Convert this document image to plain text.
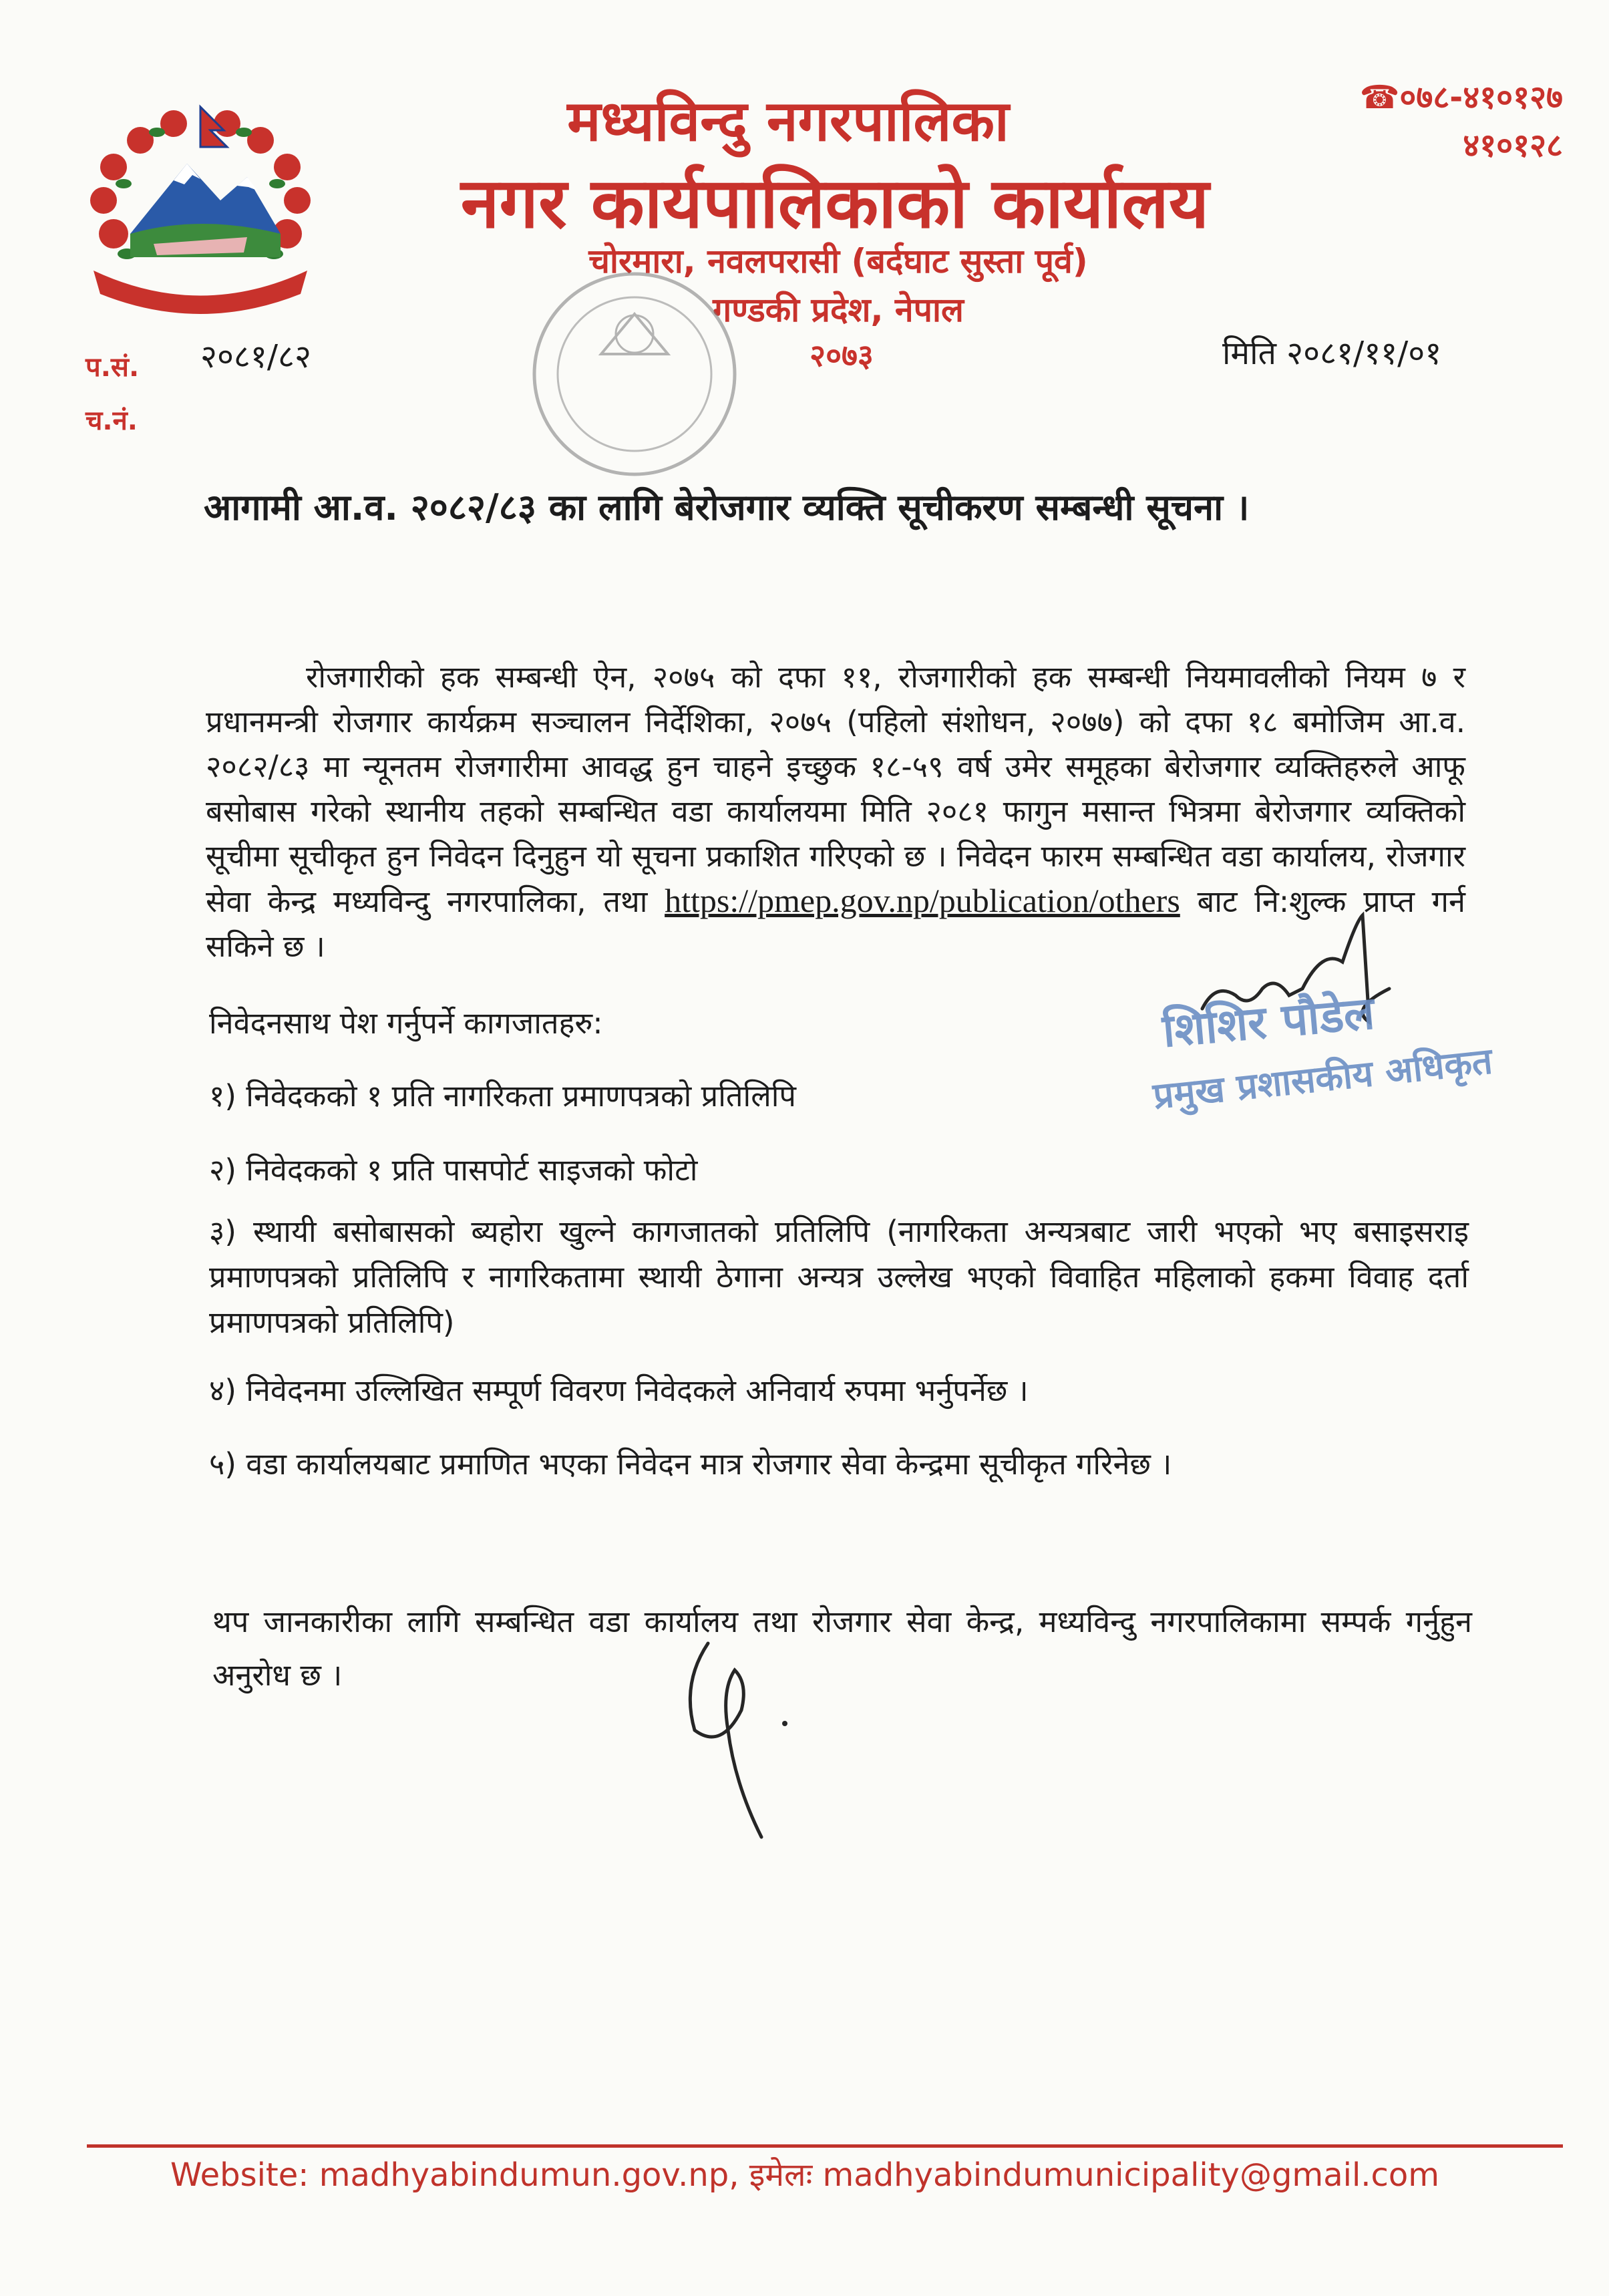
मध्यविन्दु नगरपालिका
नगर कार्यपालिकाको कार्यालय
चोरमारा, नवलपरासी (बर्दघाट सुस्ता पूर्व)
गण्डकी प्रदेश, नेपाल
२०७३
☎०७८-४१०१२७
४१०१२८
प.सं.
च.नं.
२०८१/८२	मिति २०८१/११/०१
आगामी आ.व. २०८२/८३ का लागि बेरोजगार व्यक्ति सूचीकरण सम्बन्धी सूचना ।
रोजगारीको हक सम्बन्धी ऐन, २०७५ को दफा ११, रोजगारीको हक सम्बन्धी नियमावलीको नियम ७ र प्रधानमन्त्री रोजगार कार्यक्रम सञ्चालन निर्देशिका, २०७५ (पहिलो संशोधन, २०७७) को दफा १८ बमोजिम आ.व. २०८२/८३ मा न्यूनतम रोजगारीमा आवद्ध हुन चाहने इच्छुक १८-५९ वर्ष उमेर समूहका बेरोजगार व्यक्तिहरुले आफू बसोबास गरेको स्थानीय तहको सम्बन्धित वडा कार्यालयमा मिति २०८१ फागुन मसान्त भित्रमा बेरोजगार व्यक्तिको सूचीमा सूचीकृत हुन निवेदन दिनुहुन यो सूचना प्रकाशित गरिएको छ । निवेदन फारम सम्बन्धित वडा कार्यालय, रोजगार सेवा केन्द्र मध्यविन्दु नगरपालिका, तथा https://pmep.gov.np/publication/others बाट नि:शुल्क प्राप्त गर्न सकिने छ ।
निवेदनसाथ पेश गर्नुपर्ने कागजातहरु:
१) निवेदकको १ प्रति नागरिकता प्रमाणपत्रको प्रतिलिपि
२) निवेदकको १ प्रति पासपोर्ट साइजको फोटो
३) स्थायी बसोबासको ब्यहोरा खुल्ने कागजातको प्रतिलिपि (नागरिकता अन्यत्रबाट जारी भएको भए बसाइसराइ प्रमाणपत्रको प्रतिलिपि र नागरिकतामा स्थायी ठेगाना अन्यत्र उल्लेख भएको विवाहित महिलाको हकमा विवाह दर्ता प्रमाणपत्रको प्रतिलिपि)
४) निवेदनमा उल्लिखित सम्पूर्ण विवरण निवेदकले अनिवार्य रुपमा भर्नुपर्नेछ ।
५) वडा कार्यालयबाट प्रमाणित भएका निवेदन मात्र रोजगार सेवा केन्द्रमा सूचीकृत गरिनेछ ।
थप जानकारीका लागि सम्बन्धित वडा कार्यालय तथा रोजगार सेवा केन्द्र, मध्यविन्दु नगरपालिकामा सम्पर्क गर्नुहुन अनुरोध छ ।
शिशिर पौडेल
प्रमुख प्रशासकीय अधिकृत
Website: madhyabindumun.gov.np, इमेलः madhyabindumunicipality@gmail.com
